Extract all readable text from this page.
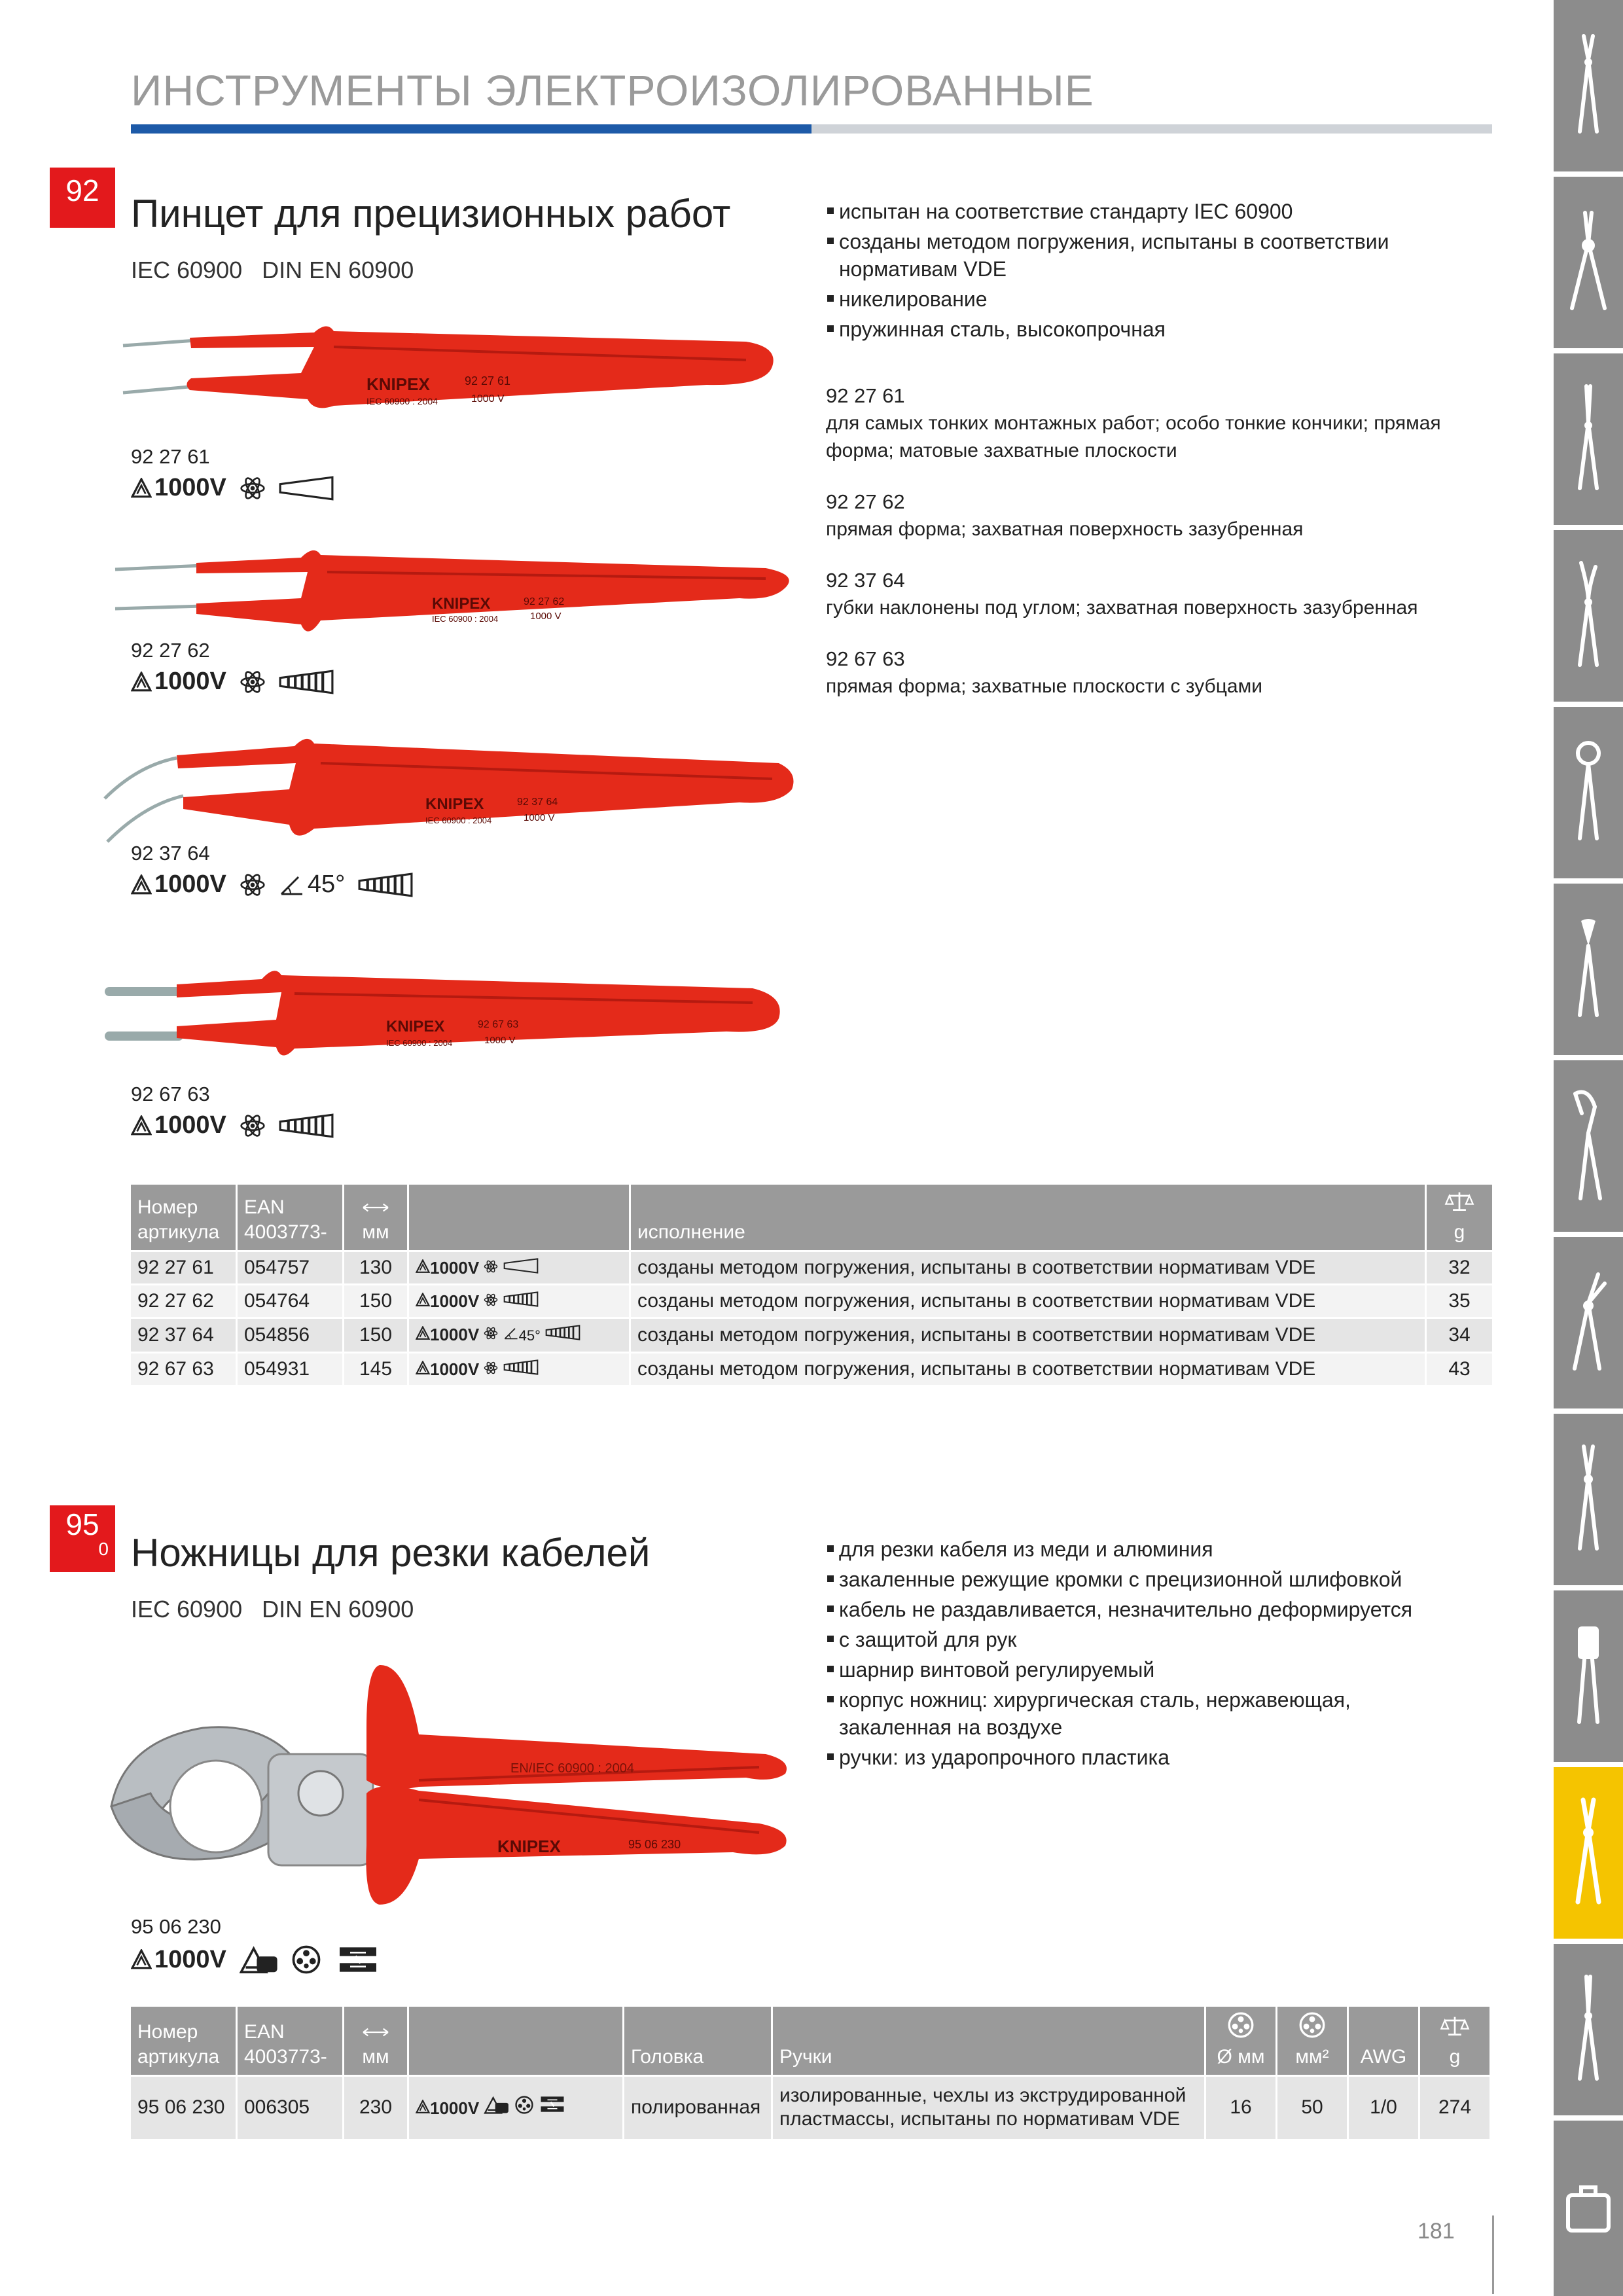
ИНСТРУМЕНТЫ ЭЛЕКТРОИЗОЛИРОВАННЫЕ
92
Пинцет для прецизионных работ
IEC 60900   DIN EN 60900
испытан на соответствие стандарту IEC 60900
созданы методом погружения, испытаны в соответствии нормативам VDE
никелирование
пружинная сталь, высокопрочная
92 27 61
для самых тонких монтажных работ; особо тонкие кончики; прямая форма; матовые захватные плоскости
92 27 62
прямая форма; захватная поверхность зазубренная
92 37 64
губки наклонены под углом; захватная поверхность зазубренная
92 67 63
прямая форма; захватные плоскости с зубцами
KNIPEX	92 27 61
IEC 60900 : 2004	1000 V
92 27 61
1000V
KNIPEX	92 27 62
IEC 60900 : 2004	1000 V
92 27 62
1000V
KNIPEX	92 37 64
IEC 60900 : 2004	1000 V
92 37 64
1000V	45°
KNIPEX	92 67 63
IEC 60900 : 2004	1000 V
92 67 63
1000V
Номер артикула	EAN 4003773-	мм		исполнение	g
92 27 61	054757	130	1000V	созданы методом погружения, испытаны в соответствии нормативам VDE	32
92 27 62	054764	150	1000V	созданы методом погружения, испытаны в соответствии нормативам VDE	35
92 37 64	054856	150	1000V 45°	созданы методом погружения, испытаны в соответствии нормативам VDE	34
92 67 63	054931	145	1000V	созданы методом погружения, испытаны в соответствии нормативам VDE	43
95
0 Ножницы для резки кабелей
IEC 60900   DIN EN 60900
для резки кабеля из меди и алюминия
закаленные режущие кромки с прецизионной шлифовкой
кабель не раздавливается, незначительно деформируется
с защитой для рук
шарнир винтовой регулируемый
корпус ножниц: хирургическая сталь, нержавеющая, закаленная на воздухе
ручки: из ударопрочного пластика
EN/IEC 60900 : 2004
KNIPEX	95 06 230
95 06 230
1000V
Номер артикула	EAN 4003773-	мм		Головка	Ручки	Ø мм	мм²	AWG	g
95 06 230	006305	230	1000V	полированная	изолированные, чехлы из экструдированной пластмассы, испытаны по нормативам VDE	16	50	1/0	274
181
